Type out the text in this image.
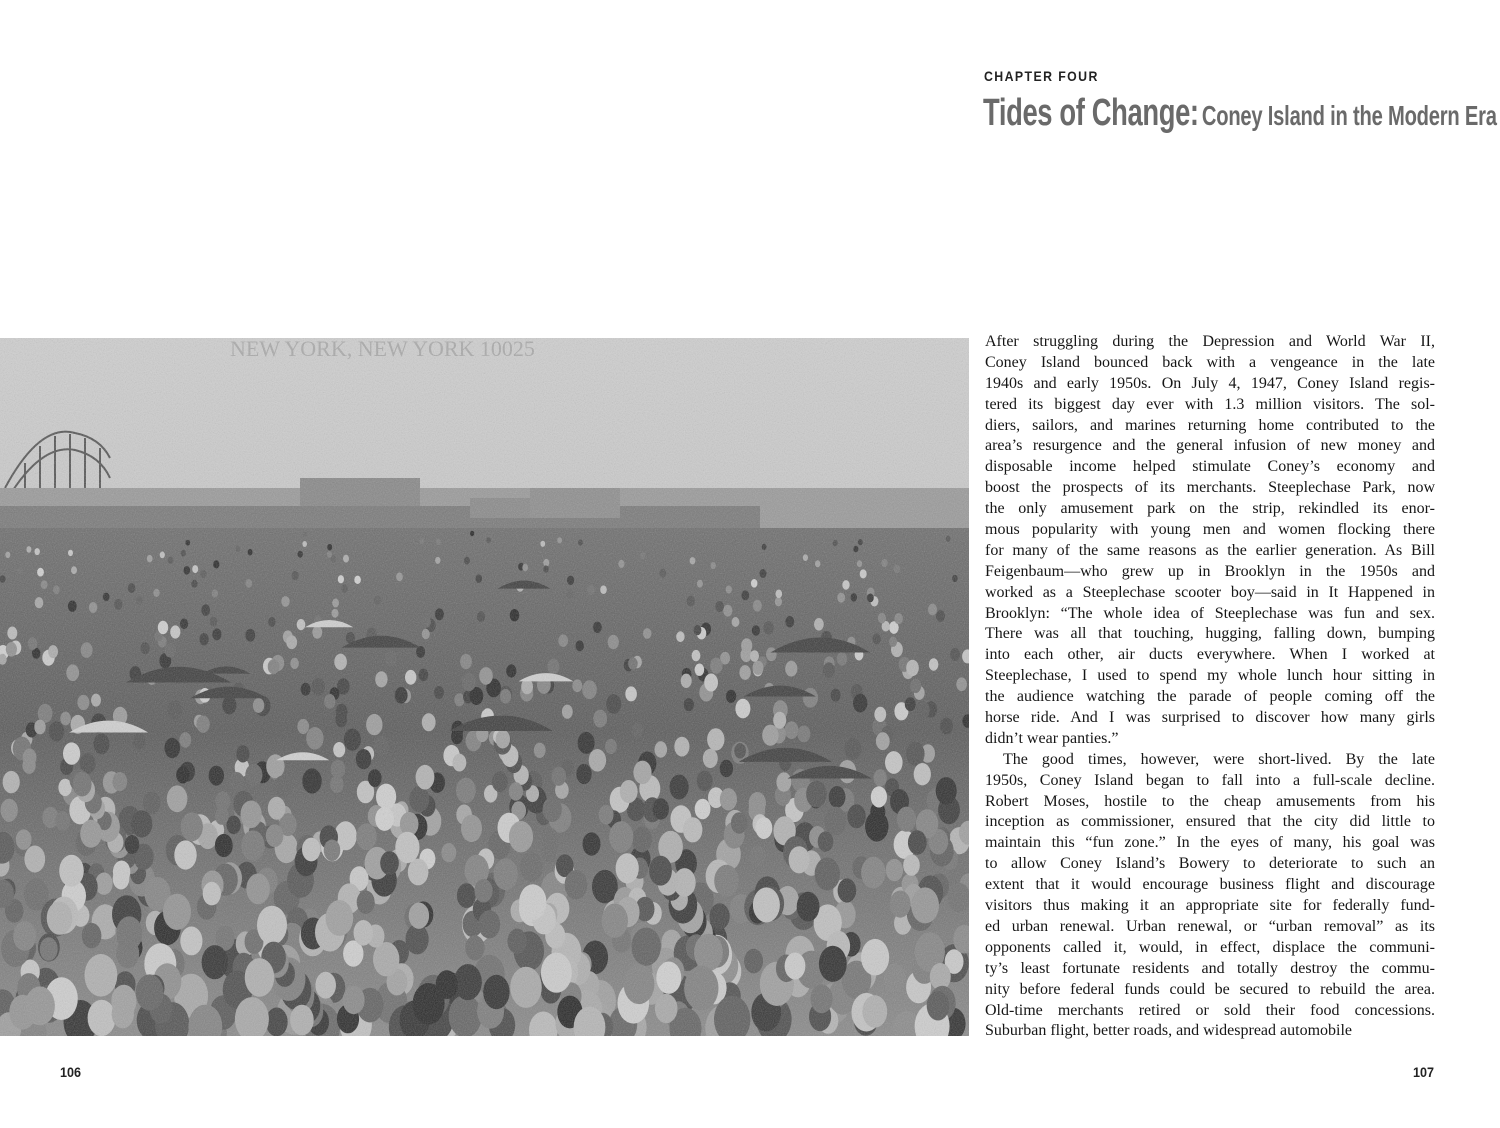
CHAPTER FOUR
Tides of Change: Coney Island in the Modern Era
After struggling during the Depression and World War II,
Coney Island bounced back with a vengeance in the late
1940s and early 1950s. On July 4, 1947, Coney Island regis-
tered its biggest day ever with 1.3 million visitors. The sol-
diers, sailors, and marines returning home contributed to the
area’s resurgence and the general infusion of new money and
disposable income helped stimulate Coney’s economy and
boost the prospects of its merchants. Steeplechase Park, now
the only amusement park on the strip, rekindled its enor-
mous popularity with young men and women flocking there
for many of the same reasons as the earlier generation. As Bill
Feigenbaum—who grew up in Brooklyn in the 1950s and
worked as a Steeplechase scooter boy—said in It Happened in
Brooklyn: “The whole idea of Steeplechase was fun and sex.
There was all that touching, hugging, falling down, bumping
into each other, air ducts everywhere. When I worked at
Steeplechase, I used to spend my whole lunch hour sitting in
the audience watching the parade of people coming off the
horse ride. And I was surprised to discover how many girls
didn’t wear panties.”
The good times, however, were short-lived. By the late
1950s, Coney Island began to fall into a full-scale decline.
Robert Moses, hostile to the cheap amusements from his
inception as commissioner, ensured that the city did little to
maintain this “fun zone.” In the eyes of many, his goal was
to allow Coney Island’s Bowery to deteriorate to such an
extent that it would encourage business flight and discourage
visitors thus making it an appropriate site for federally fund-
ed urban renewal. Urban renewal, or “urban removal” as its
opponents called it, would, in effect, displace the communi-
ty’s least fortunate residents and totally destroy the commu-
nity before federal funds could be secured to rebuild the area.
Old-time merchants retired or sold their food concessions.
Suburban flight, better roads, and widespread automobile
106	107
